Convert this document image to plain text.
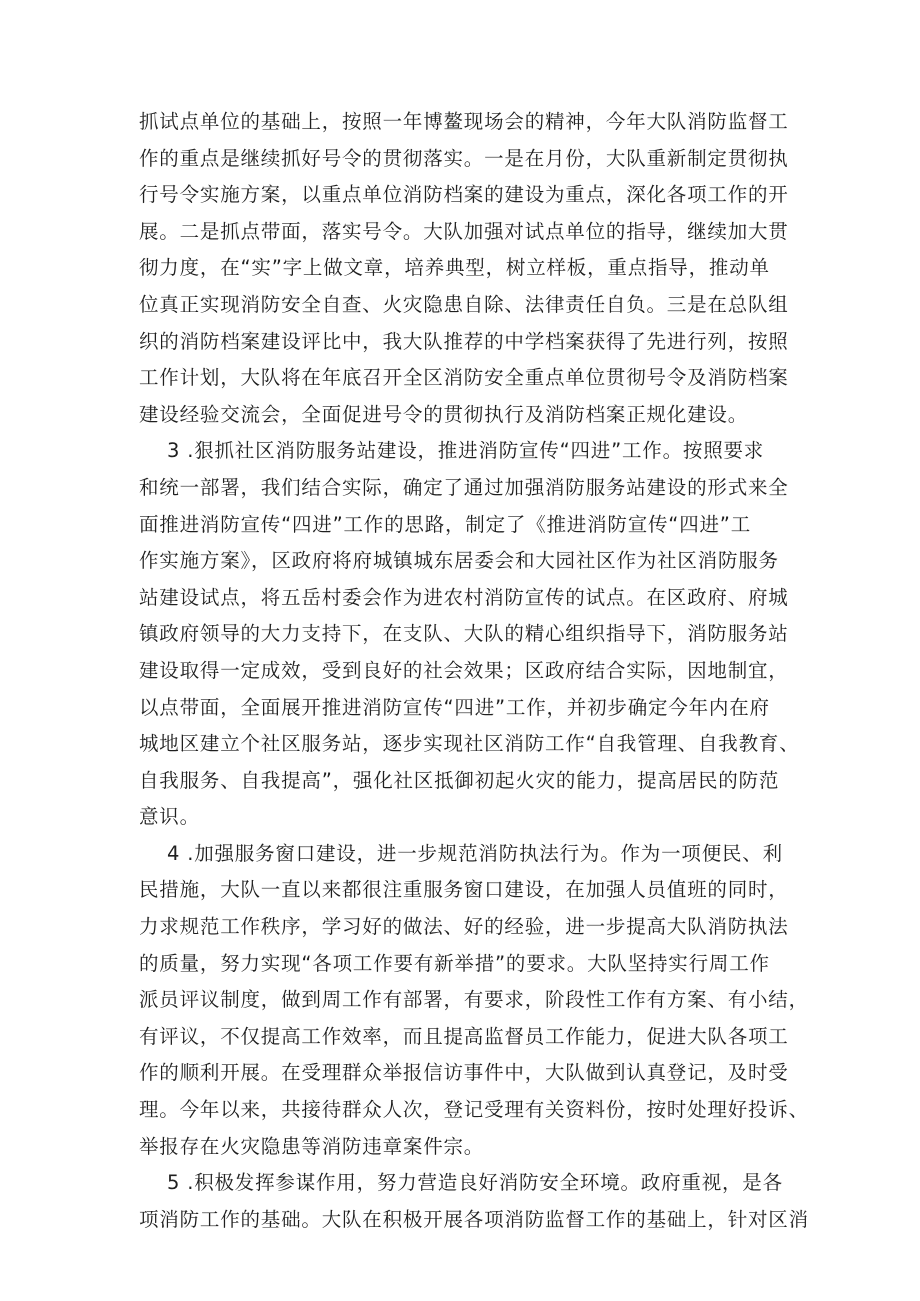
抓试点单位的基础上，按照一年博鳌现场会的精神，今年大队消防监督工
作的重点是继续抓好号令的贯彻落实。一是在月份，大队重新制定贯彻执
行号令实施方案，以重点单位消防档案的建设为重点，深化各项工作的开
展。二是抓点带面，落实号令。大队加强对试点单位的指导，继续加大贯
彻力度，在“实”字上做文章，培养典型，树立样板，重点指导，推动单
位真正实现消防安全自查、火灾隐患自除、法律责任自负。三是在总队组
织的消防档案建设评比中，我大队推荐的中学档案获得了先进行列，按照
工作计划，大队将在年底召开全区消防安全重点单位贯彻号令及消防档案
建设经验交流会，全面促进号令的贯彻执行及消防档案正规化建设。
3 .狠抓社区消防服务站建设，推进消防宣传“四进”工作。按照要求
和统一部署，我们结合实际，确定了通过加强消防服务站建设的形式来全
面推进消防宣传“四进”工作的思路，制定了《推进消防宣传“四进”工
作实施方案》，区政府将府城镇城东居委会和大园社区作为社区消防服务
站建设试点，将五岳村委会作为进农村消防宣传的试点。在区政府、府城
镇政府领导的大力支持下，在支队、大队的精心组织指导下，消防服务站
建设取得一定成效，受到良好的社会效果；区政府结合实际，因地制宜，
以点带面，全面展开推进消防宣传“四进”工作，并初步确定今年内在府
城地区建立个社区服务站，逐步实现社区消防工作“自我管理、自我教育、
自我服务、自我提高”，强化社区抵御初起火灾的能力，提高居民的防范
意识。
4 .加强服务窗口建设，进一步规范消防执法行为。作为一项便民、利
民措施，大队一直以来都很注重服务窗口建设，在加强人员值班的同时，
力求规范工作秩序，学习好的做法、好的经验，进一步提高大队消防执法
的质量，努力实现“各项工作要有新举措”的要求。大队坚持实行周工作
派员评议制度，做到周工作有部署，有要求，阶段性工作有方案、有小结，
有评议，不仅提高工作效率，而且提高监督员工作能力，促进大队各项工
作的顺利开展。在受理群众举报信访事件中，大队做到认真登记，及时受
理。今年以来，共接待群众人次，登记受理有关资料份，按时处理好投诉、
举报存在火灾隐患等消防违章案件宗。
5 .积极发挥参谋作用，努力营造良好消防安全环境。政府重视，是各
项消防工作的基础。大队在积极开展各项消防监督工作的基础上，针对区消
